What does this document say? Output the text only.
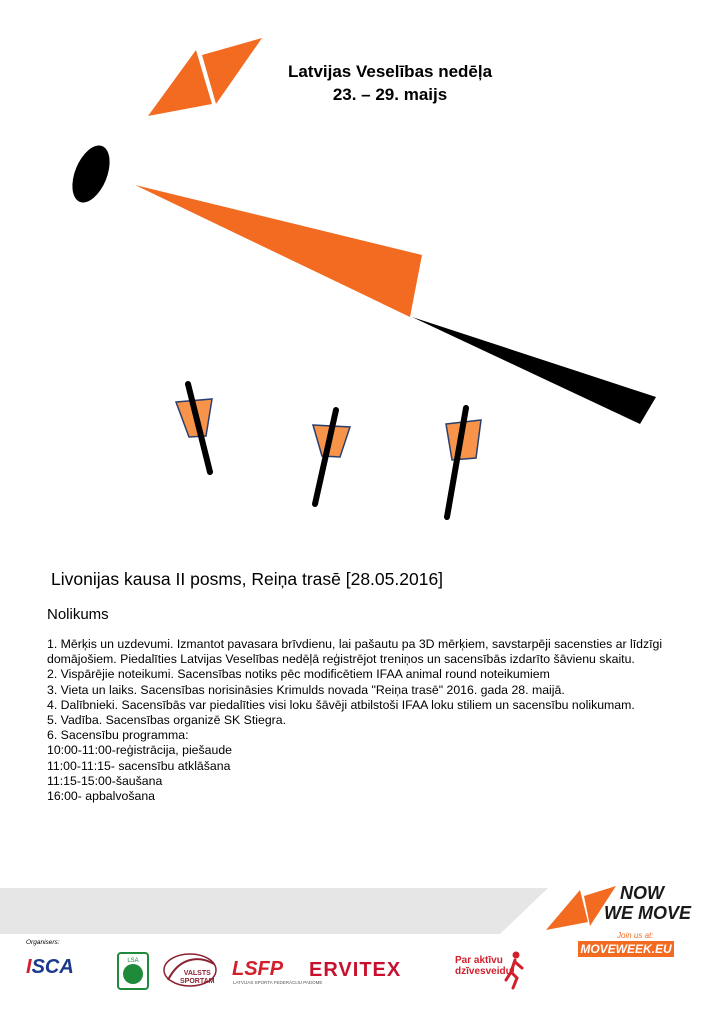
Latvijas Veselības nedēļa
23. – 29. maijs
Livonijas kausa II posms, Reiņa trasē [28.05.2016]
Nolikums

1. Mērķis un uzdevumi. Izmantot pavasara brīvdienu, lai pašautu pa 3D mērķiem, savstarpēji sacensties ar līdzīgi domājošiem. Piedalīties Latvijas Veselības nedēļā reģistrējot treniņos un sacensībās izdarīto šāvienu skaitu.

2. Vispārējie noteikumi. Sacensības notiks pēc modificētiem IFAA animal round noteikumiem

3. Vieta un laiks. Sacensības norisināsies Krimulds novada "Reiņa trasē" 2016. gada 28. maijā.

4. Dalībnieki. Sacensībās var piedalīties visi loku šāvēji atbilstoši IFAA loku stiliem un sacensību nolikumam.

5. Vadība. Sacensības organizē SK Stiegra.

6. Sacensību programma:

10:00-11:00-reģistrācija, piešaude

11:00-11:15- sacensību atklāšana

11:15-15:00-šaušana

16:00- apbalvošana

NOW
WE MOVE
Join us at:
MOVEWEEK.EU
Organisers:
ISCA	LSA
VALSTS
SPORTAM
LSFP
LATVIJAS SPORTA FEDERĀCIJU PADOME
ERVITEX	Par aktīvu
dzīvesveidu!
